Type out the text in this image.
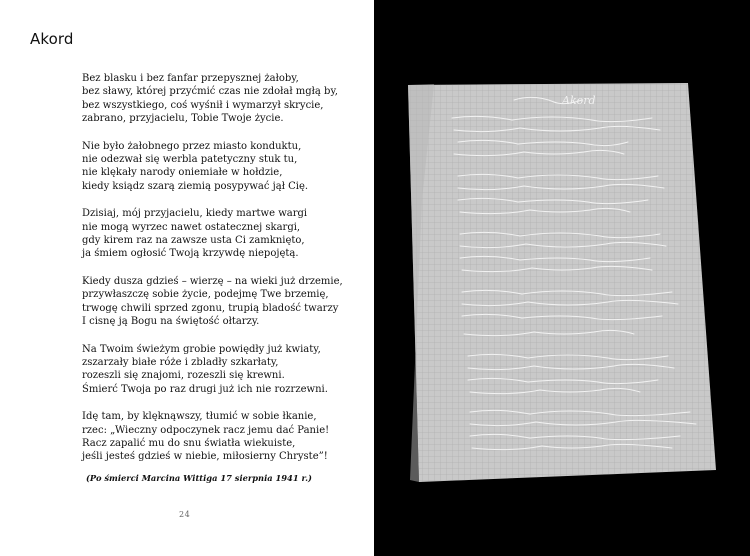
Akord
Bez blasku i bez fanfar przepysznej żałoby,
bez sławy, której przyćmić czas nie zdołał mgłą by,
bez wszystkiego, coś wyśnił i wymarzył skrycie,
zabrano, przyjacielu, Tobie Twoje życie.
Nie było żałobnego przez miasto konduktu,
nie odezwał się werbla patetyczny stuk tu,
nie klękały narody oniemiałe w hołdzie,
kiedy ksiądz szarą ziemią posypywać jął Cię.
Dzisiaj, mój przyjacielu, kiedy martwe wargi
nie mogą wyrzec nawet ostatecznej skargi,
gdy kirem raz na zawsze usta Ci zamknięto,
ja śmiem ogłosić Twoją krzywdę niepojętą.
Kiedy dusza gdzieś – wierzę – na wieki już drzemie,
przywłaszczę sobie życie, podejmę Twe brzemię,
trwogę chwili sprzed zgonu, trupią bladość twarzy
I cisnę ją Bogu na świętość ołtarzy.
Na Twoim świeżym grobie powiędły już kwiaty,
zszarzały białe róże i zbladły szkarłaty,
rozeszli się znajomi, rozeszli się krewni.
Śmierć Twoja po raz drugi już ich nie rozrzewni.
Idę tam, by klęknąwszy, tłumić w sobie łkanie,
rzec: „Wieczny odpoczynek racz jemu dać Panie!
Racz zapalić mu do snu światła wiekuiste,
jeśli jesteś gdzieś w niebie, miłosierny Chryste”!
(Po śmierci Marcina Wittiga 17 sierpnia 1941 r.)
24
Akord
